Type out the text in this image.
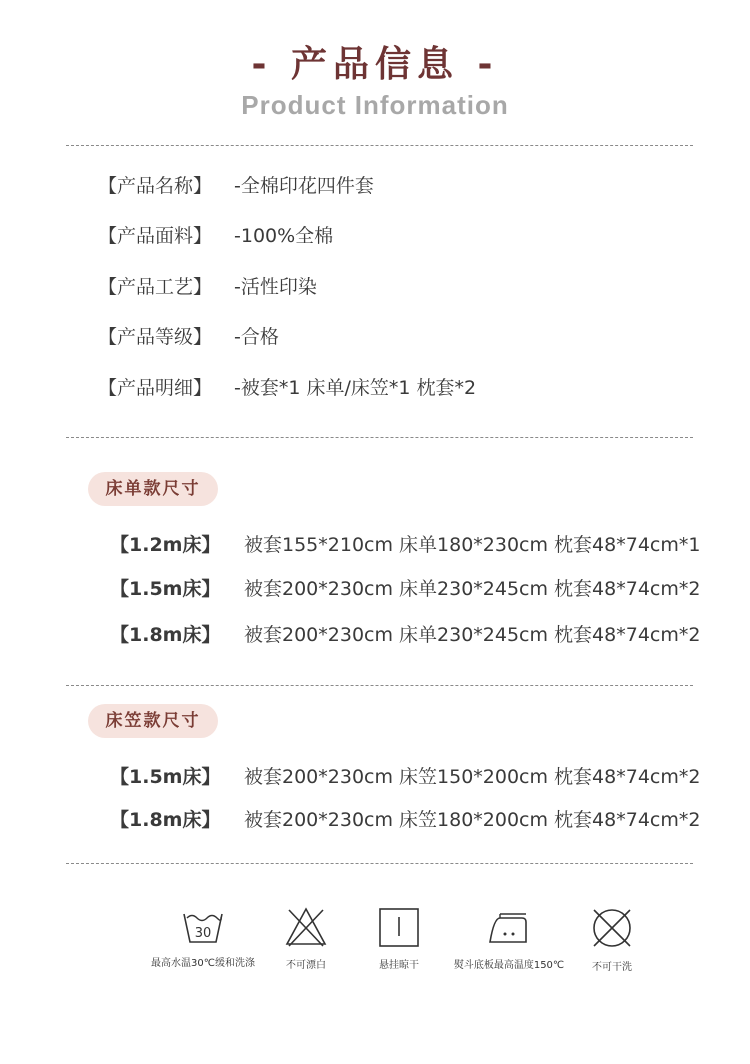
- 产品信息 -
Product Information
【产品名称】 -全棉印花四件套
【产品面料】 -100%全棉
【产品工艺】 -活性印染
【产品等级】 -合格
【产品明细】 -被套*1 床单/床笠*1 枕套*2
床单款尺寸
【1.2m床】 被套155*210cm 床单180*230cm 枕套48*74cm*1
【1.5m床】 被套200*230cm 床单230*245cm 枕套48*74cm*2
【1.8m床】 被套200*230cm 床单230*245cm 枕套48*74cm*2
床笠款尺寸
【1.5m床】 被套200*230cm 床笠150*200cm 枕套48*74cm*2
【1.8m床】 被套200*230cm 床笠180*200cm 枕套48*74cm*2
30
最高水温30℃缓和洗涤	不可漂白	悬挂晾干	熨斗底板最高温度150℃	不可干洗
